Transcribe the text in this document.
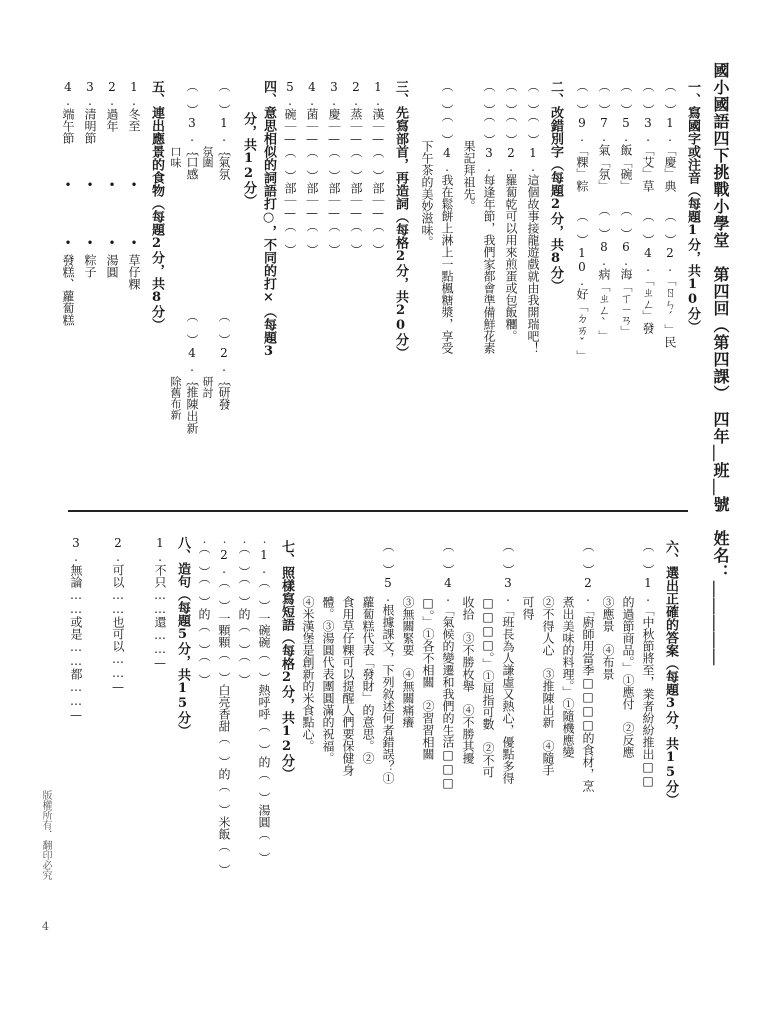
國小國語四下挑戰小學堂　第四回（第四課）　四年＿班＿號　姓名：＿＿＿＿＿
一、寫國字或注音（每題1分，共10分）
（　）1.「慶」典　　（　）2.「ㄖㄣˊ」民
（　）3.「艾」草　　（　）4.「ㄓㄥ」發
（　）5.飯「碗」　　（　）6.海「ㄒㄧㄢ」
（　）7.氣「氛」　　（　）8.病「ㄓㄥˋ」
（　）9.「粿」粽　　（　）10.好「ㄉㄞˇ」
二、改錯別字（每題2分，共8分）
（　）（　）1.這個故事接龍遊戲就由我開瑞吧！
（　）（　）2.羅蔔乾可以用來煎蛋或包飯糰。
（　）（　）3.每逢年節，我們家都會準備鮮花素
果記拜祖先。
（　）（　）4.我在鬆餅上淋上一點楓糖漿，享受
下午茶的美妙滋味。
三、先寫部首，再造詞（每格2分，共20分）
1.漢｜—（　）部｜—（　）
2.蒸｜—（　）部｜—（　）
3.慶｜—（　）部｜—（　）
4.菌｜—（　）部｜—（　）
5.碗｜—（　）部｜—（　）
四、意思相似的詞語打○，不同的打×（每題3
分，共12分）
（　）1.｛氣氛
氛圍
（　）2.｛研發
研討
（　）3.｛口感
口味
（　）4.｛推陳出新
除舊布新
五、連出應景的食物（每題2分，共8分）
1.冬至
2.過年
3.清明節
4.端午節
•
•
•
•
•
•
•
•
草仔粿
湯圓
粽子
發糕、蘿蔔糕
六、選出正確的答案（每題3分，共15分）
（　）1.「中秋節將至，業者紛紛推出□□
的過節商品。」①應付　②反應
③應景　④布景
（　）2.「廚師用當季□□□□的食材，烹
煮出美味的料理。」①隨機應變
②不得人心　③推陳出新　④隨手
可得
（　）3.「班長為人謙虛又熱心，優點多得
□□□□。」①屈指可數　②不可
收拾　③不勝枚舉　④不勝其擾
（　）4.「氣候的變遷和我們的生活□□□
□。」①各不相關　②習習相關
③無關緊要　④無關痛癢
（　）5.根據課文，下列敘述何者錯誤？①
蘿蔔糕代表「發財」的意思。②
食用草仔粿可以提醒人們要保健身
體。③湯圓代表團圓滿的祝福。
④米漢堡是創新的米食點心。
七、照樣寫短語（每格2分，共12分）
‧1.（　）一碗碗（　）熱呼呼（　）的（　）湯圓（　）
‧（　）（　）的（　）（　）
‧2.（　）一顆顆（　）白亮香甜（　）的（　）米飯（　）
‧（　）（　）的（　）（　）
八、造句（每題5分，共15分）
1.不只……還……—
2.可以……也可以……—
3.無論……或是……都……—
版權所有．翻印必究
4
